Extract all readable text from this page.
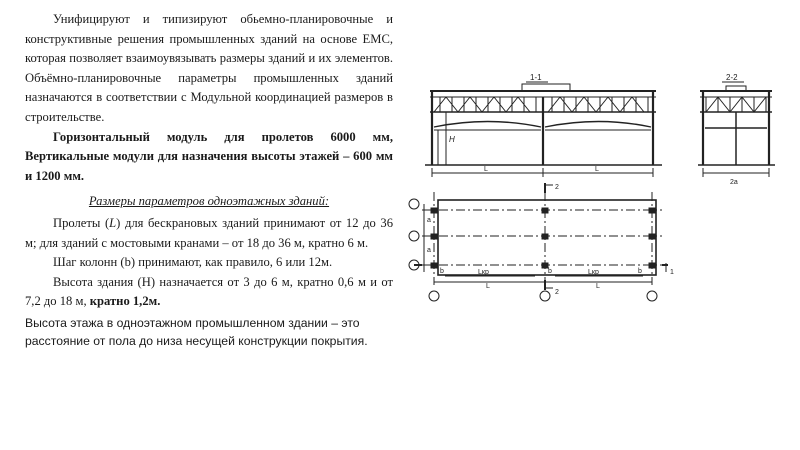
Унифицируют и типизируют обьемно-планировочные и конструктивные решения промышленных зданий на основе ЕМС, которая позволяет взаимоувязывать размеры зданий и их элементов. Объёмно-планировочные параметры промышленных зданий назначаются в соответствии с Модульной координацией размеров в строительстве.

Горизонтальный модуль для пролетов 6000 мм, Вертикальные модули для назначения высоты этажей – 600 мм и 1200 мм.

Размеры параметров одноэтажных зданий:

Пролеты (L) для бескрановых зданий принимают от 12 до 36 м; для зданий с мостовыми кранами – от 18 до 36 м, кратно 6 м.

Шаг колонн (b) принимают, как правило, 6 или 12м.

Высота здания (H) назначается от 3 до 6 м, кратно 0,6 м и от 7,2 до 18 м, кратно 1,2м.

Высота этажа в одноэтажном промышленном здании – это расстояние от пола до низа несущей конструкции покрытия.

1-1
H
L	L
2-2
2a
2
2
1
a
a
b	b	b
Lкр	Lкр
L	L
